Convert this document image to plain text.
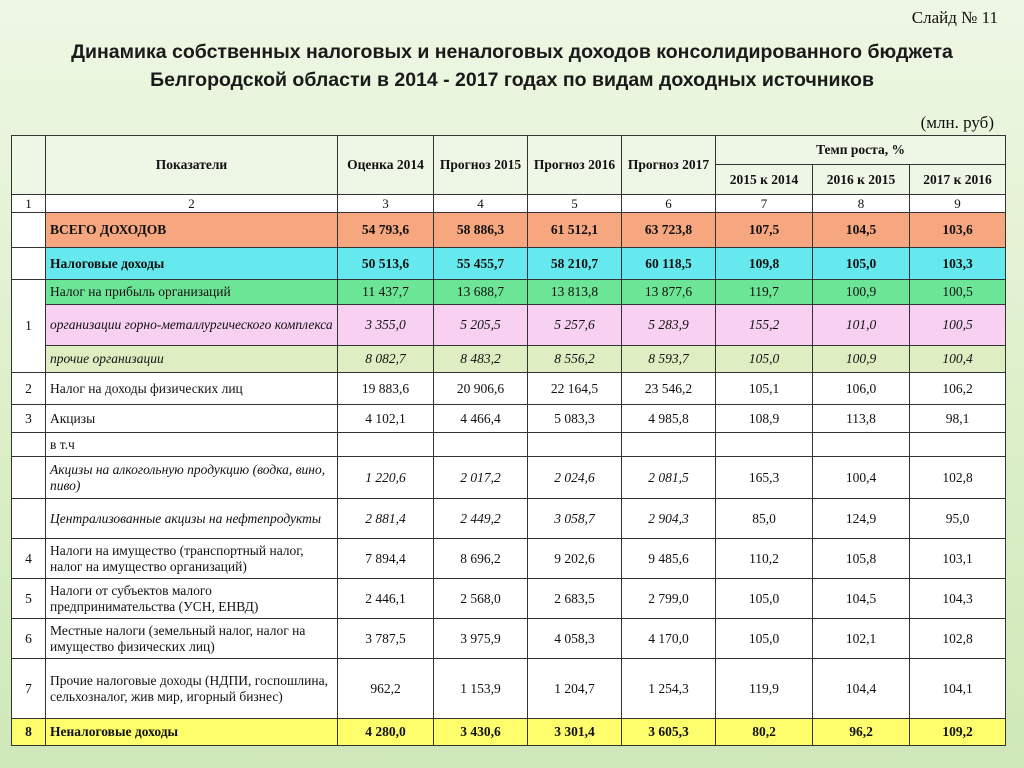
Слайд № 11
Динамика собственных налоговых и неналоговых доходов консолидированного бюджета
Белгородской области в 2014 - 2017 годах по видам доходных источников
(млн. руб)
	Показатели	Оценка 2014	Прогноз 2015	Прогноз 2016	Прогноз 2017	Темп роста, %		
						2015 к 2014	2016 к 2015	2017 к 2016
1	2	3	4	5	6	7	8	9
	ВСЕГО ДОХОДОВ	54 793,6	58 886,3	61 512,1	63 723,8	107,5	104,5	103,6
	Налоговые доходы	50 513,6	55 455,7	58 210,7	60 118,5	109,8	105,0	103,3
1	Налог на прибыль организаций	11 437,7	13 688,7	13 813,8	13 877,6	119,7	100,9	100,5
	организации горно-металлургического комплекса	3 355,0	5 205,5	5 257,6	5 283,9	155,2	101,0	100,5
	прочие организации	8 082,7	8 483,2	8 556,2	8 593,7	105,0	100,9	100,4
2	Налог на доходы физических лиц	19 883,6	20 906,6	22 164,5	23 546,2	105,1	106,0	106,2
3	Акцизы	4 102,1	4 466,4	5 083,3	4 985,8	108,9	113,8	98,1
	в т.ч							
	Акцизы на алкогольную продукцию (водка, вино, пиво)	1 220,6	2 017,2	2 024,6	2 081,5	165,3	100,4	102,8
	Централизованные акцизы на нефтепродукты	2 881,4	2 449,2	3 058,7	2 904,3	85,0	124,9	95,0
4	Налоги на имущество (транспортный налог, налог на имущество организаций)	7 894,4	8 696,2	9 202,6	9 485,6	110,2	105,8	103,1
5	Налоги от субъектов малого предпринимательства (УСН, ЕНВД)	2 446,1	2 568,0	2 683,5	2 799,0	105,0	104,5	104,3
6	Местные налоги (земельный налог, налог на имущество физических лиц)	3 787,5	3 975,9	4 058,3	4 170,0	105,0	102,1	102,8
7	Прочие налоговые доходы (НДПИ, госпошлина, сельхозналог, жив мир, игорный бизнес)	962,2	1 153,9	1 204,7	1 254,3	119,9	104,4	104,1
8	Неналоговые доходы	4 280,0	3 430,6	3 301,4	3 605,3	80,2	96,2	109,2
